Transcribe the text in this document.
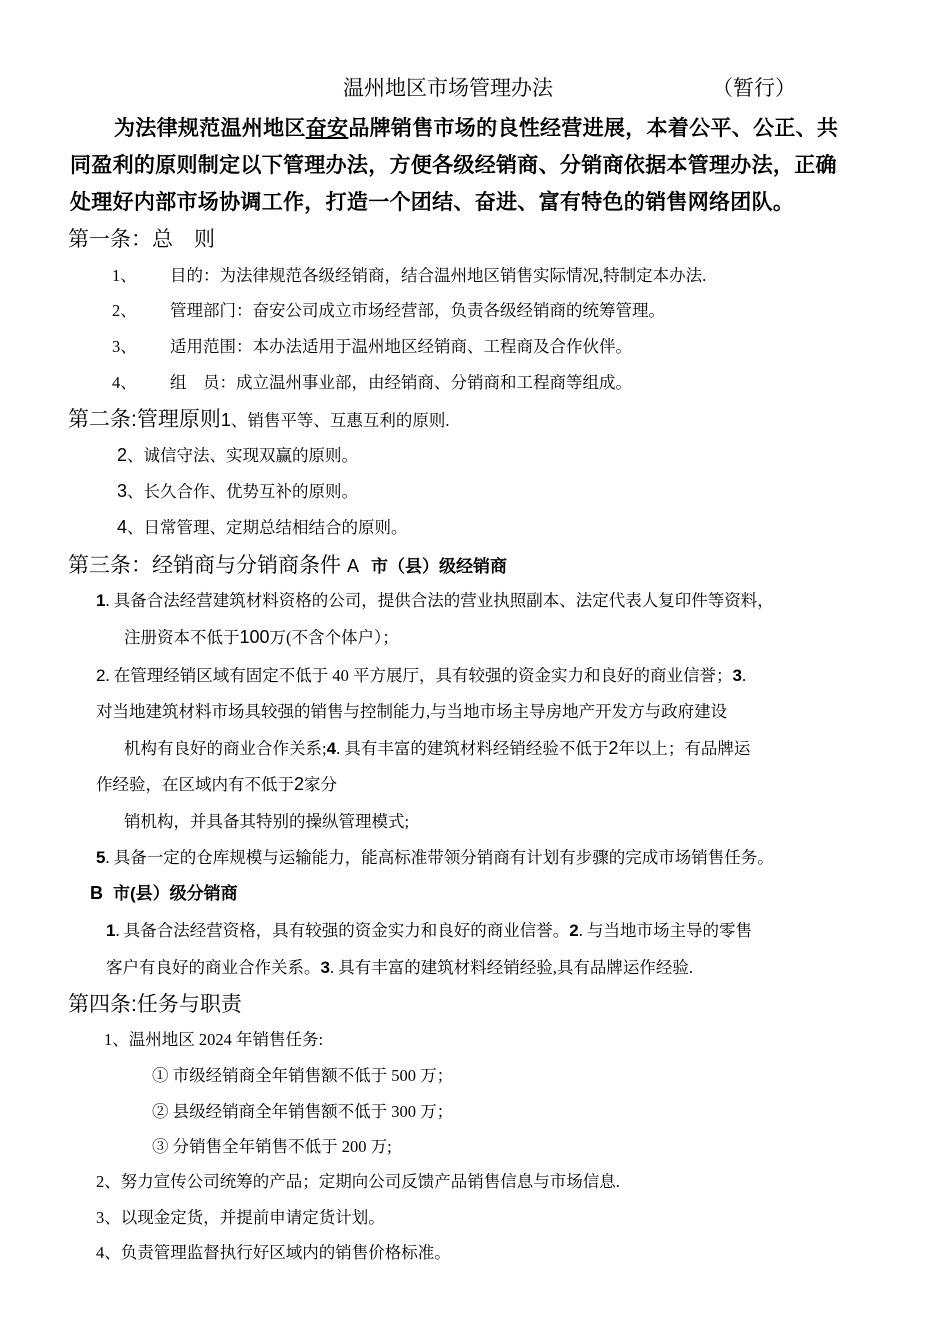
温州地区市场管理办法	（暂行）
为法律规范温州地区奋安品牌销售市场的良性经营进展，本着公平、公正、共
同盈利的原则制定以下管理办法，方便各级经销商、分销商依据本管理办法，正确
处理好内部市场协调工作，打造一个团结、奋进、富有特色的销售网络团队。
第一条：总　则
1、 目的：为法律规范各级经销商，结合温州地区销售实际情况,特制定本办法.
2、 管理部门：奋安公司成立市场经营部，负责各级经销商的统筹管理。
3、 适用范围：本办法适用于温州地区经销商、工程商及合作伙伴。
4、 组　员：成立温州事业部，由经销商、分销商和工程商等组成。
第二条:管理原则1、销售平等、互惠互利的原则.
2、诚信守法、实现双赢的原则。
3、长久合作、优势互补的原则。
4、日常管理、定期总结相结合的原则。
第三条：经销商与分销商条件 A 市（县）级经销商
1. 具备合法经营建筑材料资格的公司，提供合法的营业执照副本、法定代表人复印件等资料，
注册资本不低于100万(不含个体户）；
2. 在管理经销区域有固定不低于 40 平方展厅，具有较强的资金实力和良好的商业信誉；3.
对当地建筑材料市场具较强的销售与控制能力,与当地市场主导房地产开发方与政府建设
机构有良好的商业合作关系;4. 具有丰富的建筑材料经销经验不低于2年以上；有品牌运
作经验，在区域内有不低于2家分
销机构，并具备其特别的操纵管理模式;
5. 具备一定的仓库规模与运输能力，能高标准带领分销商有计划有步骤的完成市场销售任务。
B 市(县）级分销商
1. 具备合法经营资格，具有较强的资金实力和良好的商业信誉。2. 与当地市场主导的零售
客户有良好的商业合作关系。3. 具有丰富的建筑材料经销经验,具有品牌运作经验.
第四条:任务与职责
1、温州地区 2024 年销售任务:
① 市级经销商全年销售额不低于 500 万；
② 县级经销商全年销售额不低于 300 万；
③ 分销售全年销售不低于 200 万;
2、努力宣传公司统筹的产品；定期向公司反馈产品销售信息与市场信息.
3、以现金定货，并提前申请定货计划。
4、负责管理监督执行好区域内的销售价格标准。
